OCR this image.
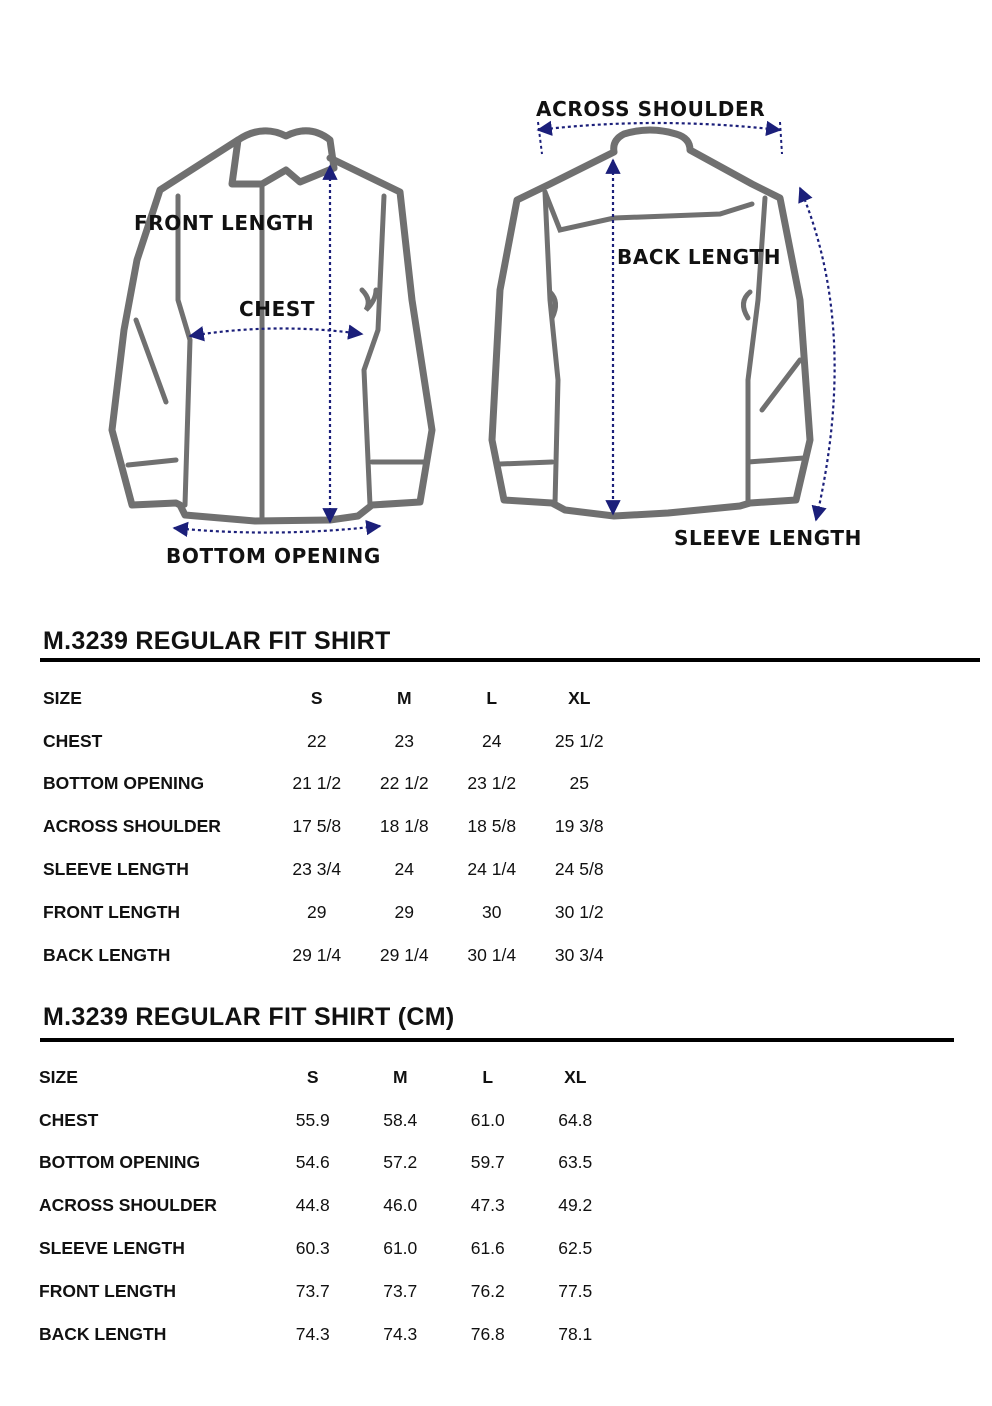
FRONT LENGTH
CHEST
BOTTOM OPENING
ACROSS SHOULDER
BACK LENGTH
SLEEVE LENGTH
M.3239 REGULAR FIT SHIRT
SIZE	S	M	L	XL
CHEST	22	23	24	25 1/2
BOTTOM OPENING	21 1/2	22 1/2	23 1/2	25
ACROSS SHOULDER	17 5/8	18 1/8	18 5/8	19 3/8
SLEEVE LENGTH	23 3/4	24	24 1/4	24 5/8
FRONT LENGTH	29	29	30	30 1/2
BACK LENGTH	29 1/4	29 1/4	30 1/4	30 3/4
M.3239 REGULAR FIT SHIRT (CM)
SIZE	S	M	L	XL
CHEST	55.9	58.4	61.0	64.8
BOTTOM OPENING	54.6	57.2	59.7	63.5
ACROSS SHOULDER	44.8	46.0	47.3	49.2
SLEEVE LENGTH	60.3	61.0	61.6	62.5
FRONT LENGTH	73.7	73.7	76.2	77.5
BACK LENGTH	74.3	74.3	76.8	78.1
